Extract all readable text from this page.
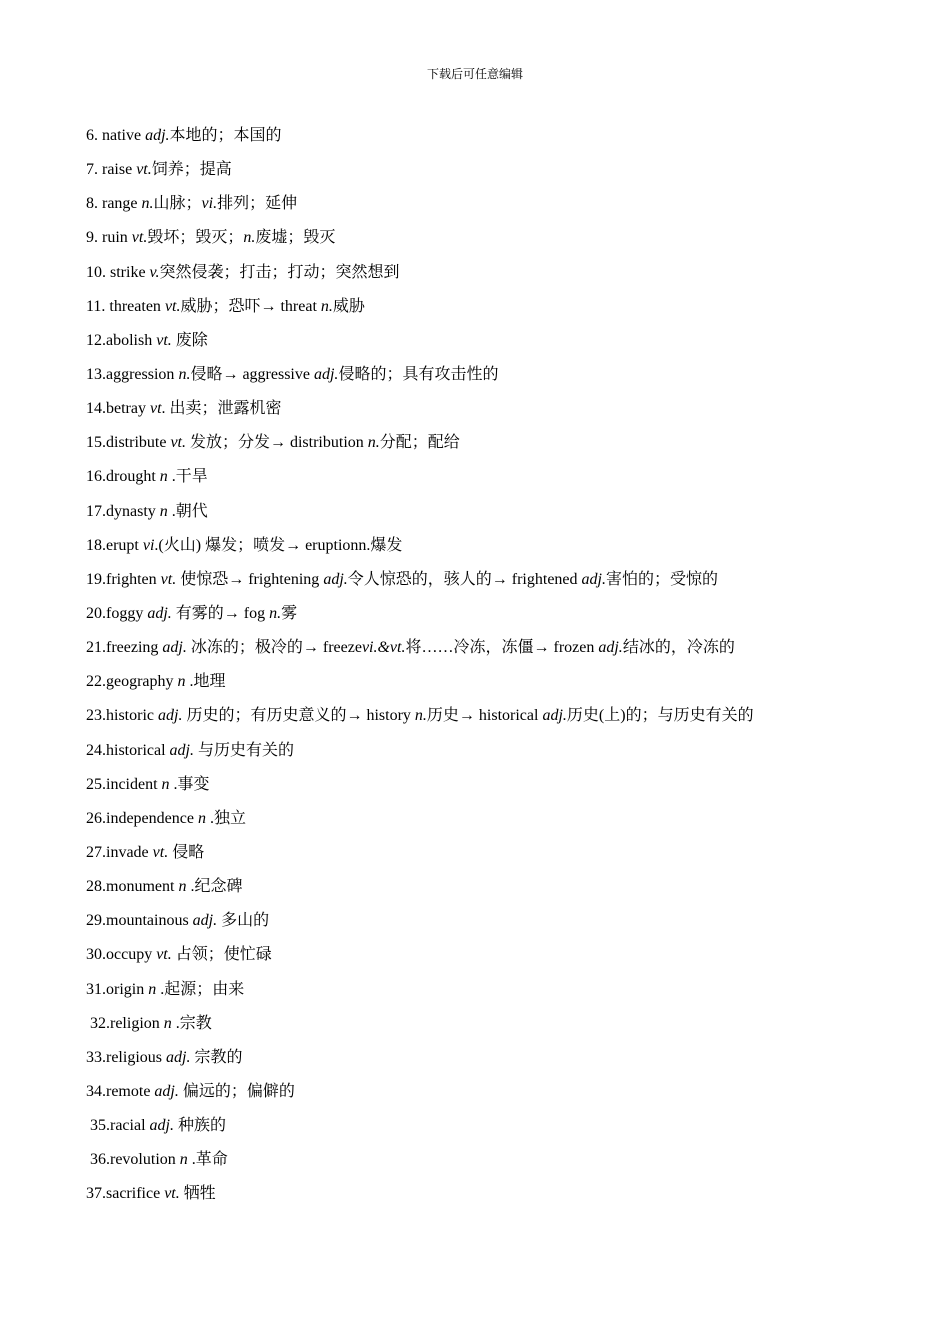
下载后可任意编辑
6. native adj.本地的；本国的
7. raise vt.饲养；提高
8. range n.山脉；vi.排列；延伸
9. ruin vt.毁坏；毁灭；n.废墟；毁灭
10. strike v.突然侵袭；打击；打动；突然想到
11. threaten vt.威胁；恐吓→ threat n.威胁
12.abolish vt. 废除
13.aggression n.侵略→ aggressive adj.侵略的；具有攻击性的
14.betray vt. 出卖；泄露机密
15.distribute vt. 发放；分发→ distribution n.分配；配给
16.drought n .干旱
17.dynasty n .朝代
18.erupt vi.(火山) 爆发；喷发→ eruptionn.爆发
19.frighten vt. 使惊恐→ frightening adj.令人惊恐的，骇人的→ frightened adj.害怕的；受惊的
20.foggy adj. 有雾的→ fog n.雾
21.freezing adj. 冰冻的；极冷的→ freezevi.&vt.将……冷冻，冻僵→ frozen adj.结冰的，冷冻的
22.geography n .地理
23.historic adj. 历史的；有历史意义的→ history n.历史→ historical adj.历史(上)的；与历史有关的
24.historical adj. 与历史有关的
25.incident n .事变
26.independence n .独立
27.invade vt. 侵略
28.monument n .纪念碑
29.mountainous adj. 多山的
30.occupy vt. 占领；使忙碌
31.origin n .起源；由来
32.religion n .宗教
33.religious adj. 宗教的
34.remote adj. 偏远的；偏僻的
35.racial adj. 种族的
36.revolution n .革命
37.sacrifice vt. 牺牲
